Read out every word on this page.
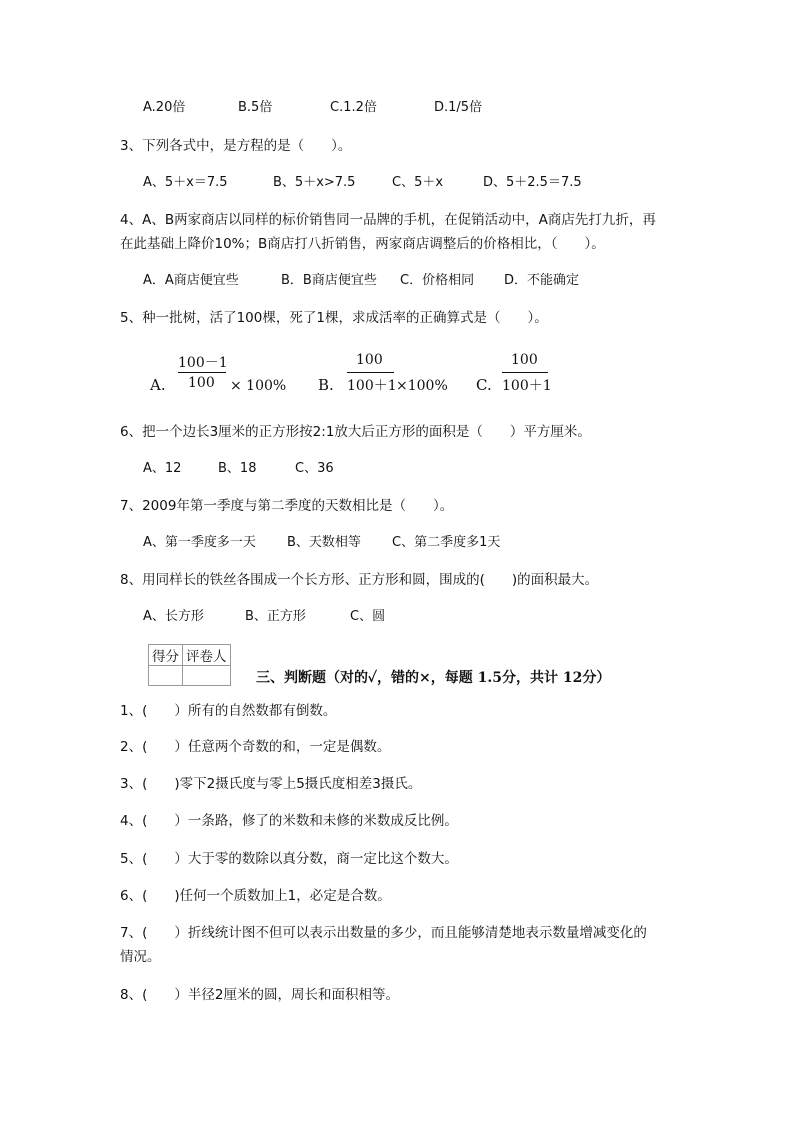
A.20倍	B.5倍	C.1.2倍	D.1/5倍
3、下列各式中，是方程的是（　　）。
A、5＋x＝7.5	B、5＋x>7.5	C、5＋x	D、5＋2.5＝7.5
4、A、B两家商店以同样的标价销售同一品牌的手机，在促销活动中，A商店先打九折，再
在此基础上降价10%；B商店打八折销售，两家商店调整后的价格相比，（　　）。
A．A商店便宜些	B．B商店便宜些 C．价格相同 D．不能确定
5、种一批树，活了100棵，死了1棵，求成活率的正确算式是（　　）。
A.
100－1
100 × 100% B.
100
100＋1 ×100% C.
100
100＋1
6、把一个边长3厘米的正方形按2:1放大后正方形的面积是（　　）平方厘米。
A、12	B、18	C、36
7、2009年第一季度与第二季度的天数相比是（　　）。
A、第一季度多一天 B、天数相等 C、第二季度多1天
8、用同样长的铁丝各围成一个长方形、正方形和圆，围成的(　　)的面积最大。
A、长方形	B、正方形	C、圆
得分	评卷人

三、判断题（对的✓，错的×，每题 1.5分，共计 12分）
1、(　　）所有的自然数都有倒数。
2、(　　）任意两个奇数的和，一定是偶数。
3、(　　)零下2摄氏度与零上5摄氏度相差3摄氏。
4、(　　）一条路，修了的米数和未修的米数成反比例。
5、(　　）大于零的数除以真分数，商一定比这个数大。
6、(　　)任何一个质数加上1，必定是合数。
7、(　　）折线统计图不但可以表示出数量的多少，而且能够清楚地表示数量增减变化的
情况。
8、(　　）半径2厘米的圆，周长和面积相等。
